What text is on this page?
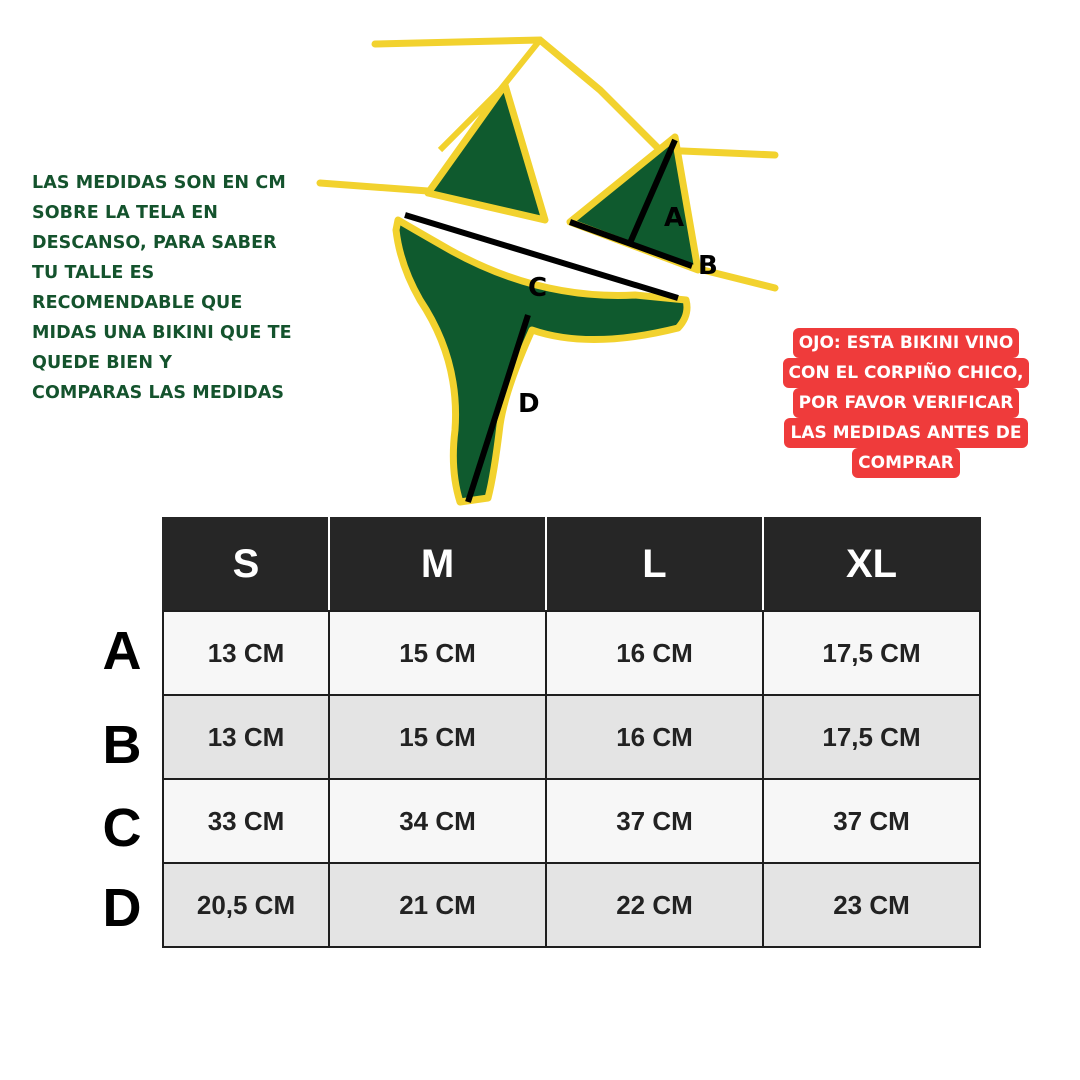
LAS MEDIDAS SON EN CM
SOBRE LA TELA EN
DESCANSO, PARA SABER
TU TALLE ES
RECOMENDABLE QUE
MIDAS UNA BIKINI QUE TE
QUEDE BIEN Y
COMPARAS LAS MEDIDAS
A
B
C
D
OJO: ESTA BIKINI VINO
CON EL CORPIÑO CHICO,
POR FAVOR VERIFICAR
LAS MEDIDAS ANTES DE
COMPRAR
A
B
C
D
S	M	L	XL
13 CM	15 CM	16 CM	17,5 CM
13 CM	15 CM	16 CM	17,5 CM
33 CM	34 CM	37 CM	37 CM
20,5 CM	21 CM	22 CM	23 CM
